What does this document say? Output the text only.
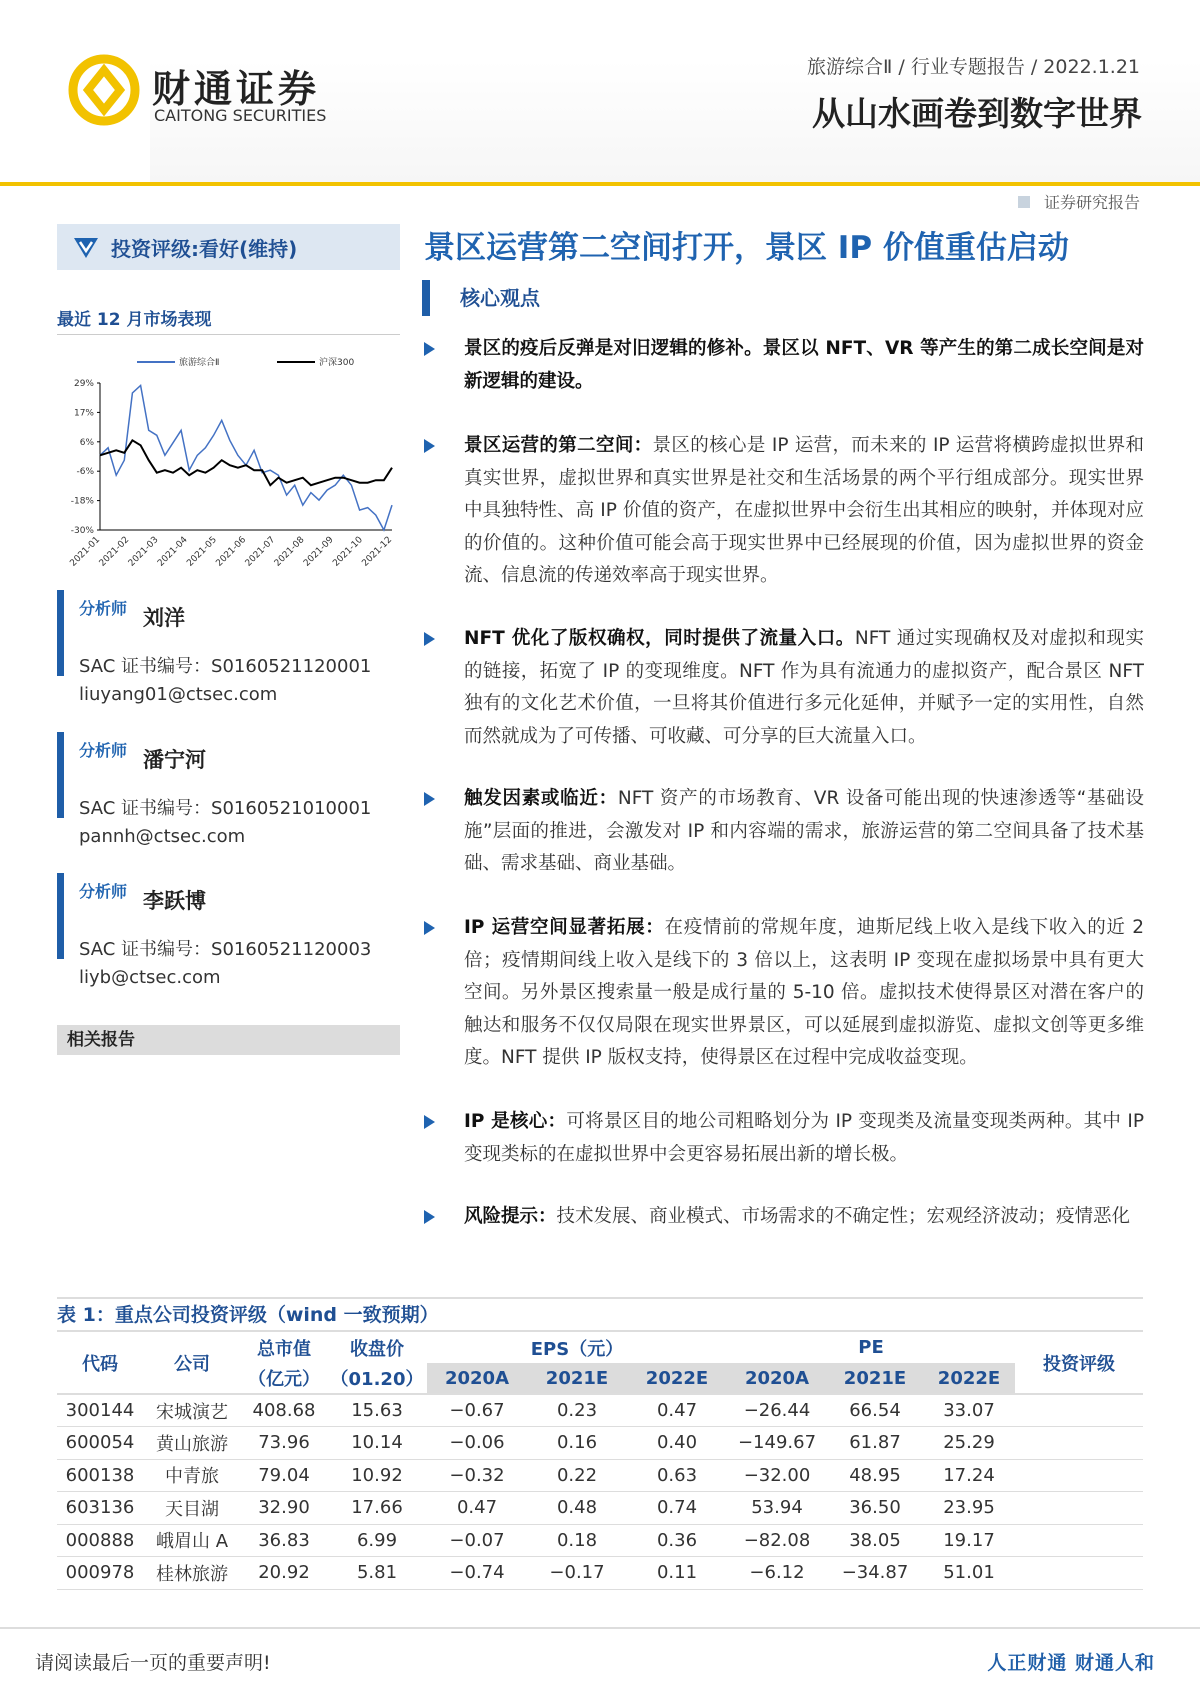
财通证券
CAITONG SECURITIES
旅游综合Ⅱ / 行业专题报告 / 2022.1.21
从山水画卷到数字世界
证券研究报告
投资评级:看好(维持)	景区运营第二空间打开，景区 IP 价值重估启动
核心观点
最近 12 月市场表现
29%
17%
6%
-6%
-18%
-30%
2021-01
2021-02
2021-03
2021-04
2021-05
2021-06
2021-07
2021-08
2021-09
2021-10
2021-12
旅游综合Ⅱ	沪深300
分析师 刘洋
SAC 证书编号：S0160521120001
liuyang01@ctsec.com
分析师 潘宁河
SAC 证书编号：S0160521010001
pannh@ctsec.com
分析师 李跃博
SAC 证书编号：S0160521120003
liyb@ctsec.com
相关报告

景区的疫后反弹是对旧逻辑的修补。景区以 NFT、VR 等产生的第二成长空间是对新逻辑的建设。

景区运营的第二空间：景区的核心是 IP 运营，而未来的 IP 运营将横跨虚拟世界和真实世界，虚拟世界和真实世界是社交和生活场景的两个平行组成部分。现实世界中具独特性、高 IP 价值的资产，在虚拟世界中会衍生出其相应的映射，并体现对应的价值的。这种价值可能会高于现实世界中已经展现的价值，因为虚拟世界的资金流、信息流的传递效率高于现实世界。

NFT 优化了版权确权，同时提供了流量入口。NFT 通过实现确权及对虚拟和现实的链接，拓宽了 IP 的变现维度。NFT 作为具有流通力的虚拟资产，配合景区 NFT 独有的文化艺术价值，一旦将其价值进行多元化延伸，并赋予一定的实用性，自然而然就成为了可传播、可收藏、可分享的巨大流量入口。

触发因素或临近：NFT 资产的市场教育、VR 设备可能出现的快速渗透等“基础设施”层面的推进，会激发对 IP 和内容端的需求，旅游运营的第二空间具备了技术基础、需求基础、商业基础。

IP 运营空间显著拓展：在疫情前的常规年度，迪斯尼线上收入是线下收入的近 2 倍；疫情期间线上收入是线下的 3 倍以上，这表明 IP 变现在虚拟场景中具有更大空间。另外景区搜索量一般是成行量的 5-10 倍。虚拟技术使得景区对潜在客户的触达和服务不仅仅局限在现实世界景区，可以延展到虚拟游览、虚拟文创等更多维度。NFT 提供 IP 版权支持，使得景区在过程中完成收益变现。

IP 是核心：可将景区目的地公司粗略划分为 IP 变现类及流量变现类两种。其中 IP 变现类标的在虚拟世界中会更容易拓展出新的增长极。

风险提示：技术发展、商业模式、市场需求的不确定性；宏观经济波动；疫情恶化

表 1：重点公司投资评级（wind 一致预期）
代码	公司	总市值	收盘价	EPS（元）			PE			投资评级
		（亿元）	（01.20）	2020A	2021E	2022E	2020A	2021E	2022E	
300144	宋城演艺	408.68	15.63	−0.67	0.23	0.47	−26.44	66.54	33.07	
600054	黄山旅游	73.96	10.14	−0.06	0.16	0.40	−149.67	61.87	25.29	
600138	中青旅	79.04	10.92	−0.32	0.22	0.63	−32.00	48.95	17.24	
603136	天目湖	32.90	17.66	0.47	0.48	0.74	53.94	36.50	23.95	
000888	峨眉山 A	36.83	6.99	−0.07	0.18	0.36	−82.08	38.05	19.17	
000978	桂林旅游	20.92	5.81	−0.74	−0.17	0.11	−6.12	−34.87	51.01	
请阅读最后一页的重要声明!	人正财通 财通人和
